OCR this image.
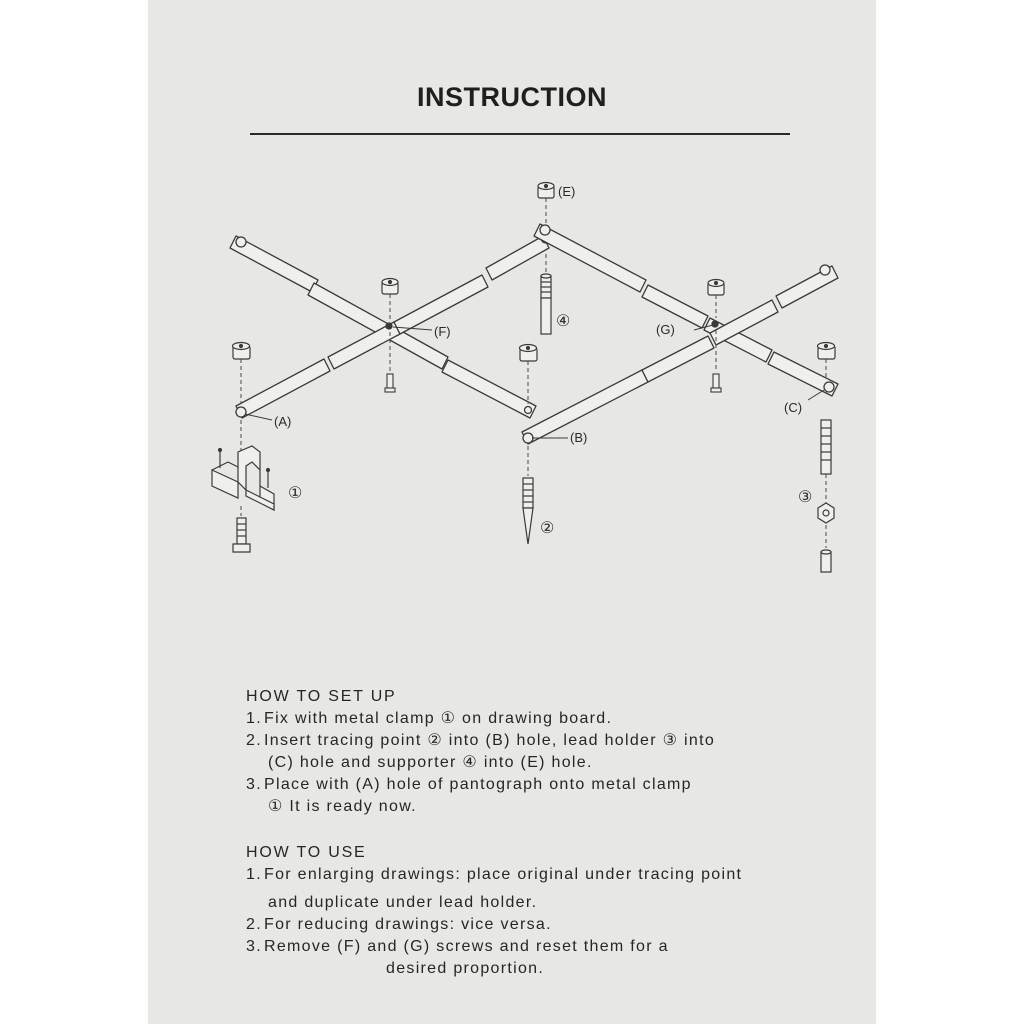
INSTRUCTION
(E)
(F)	(G)
(A)
(B)
(C)
④
①
②
③
HOW TO SET UP
1. Fix with metal clamp ① on drawing board.
2. Insert tracing point ② into (B) hole, lead holder ③ into
(C) hole and supporter ④ into (E) hole.
3. Place with (A) hole of pantograph onto metal clamp
① It is ready now.
HOW TO USE
1. For enlarging drawings: place original under tracing point
and duplicate under lead holder.
2. For reducing drawings: vice versa.
3. Remove (F) and (G) screws and reset them for a
desired proportion.
